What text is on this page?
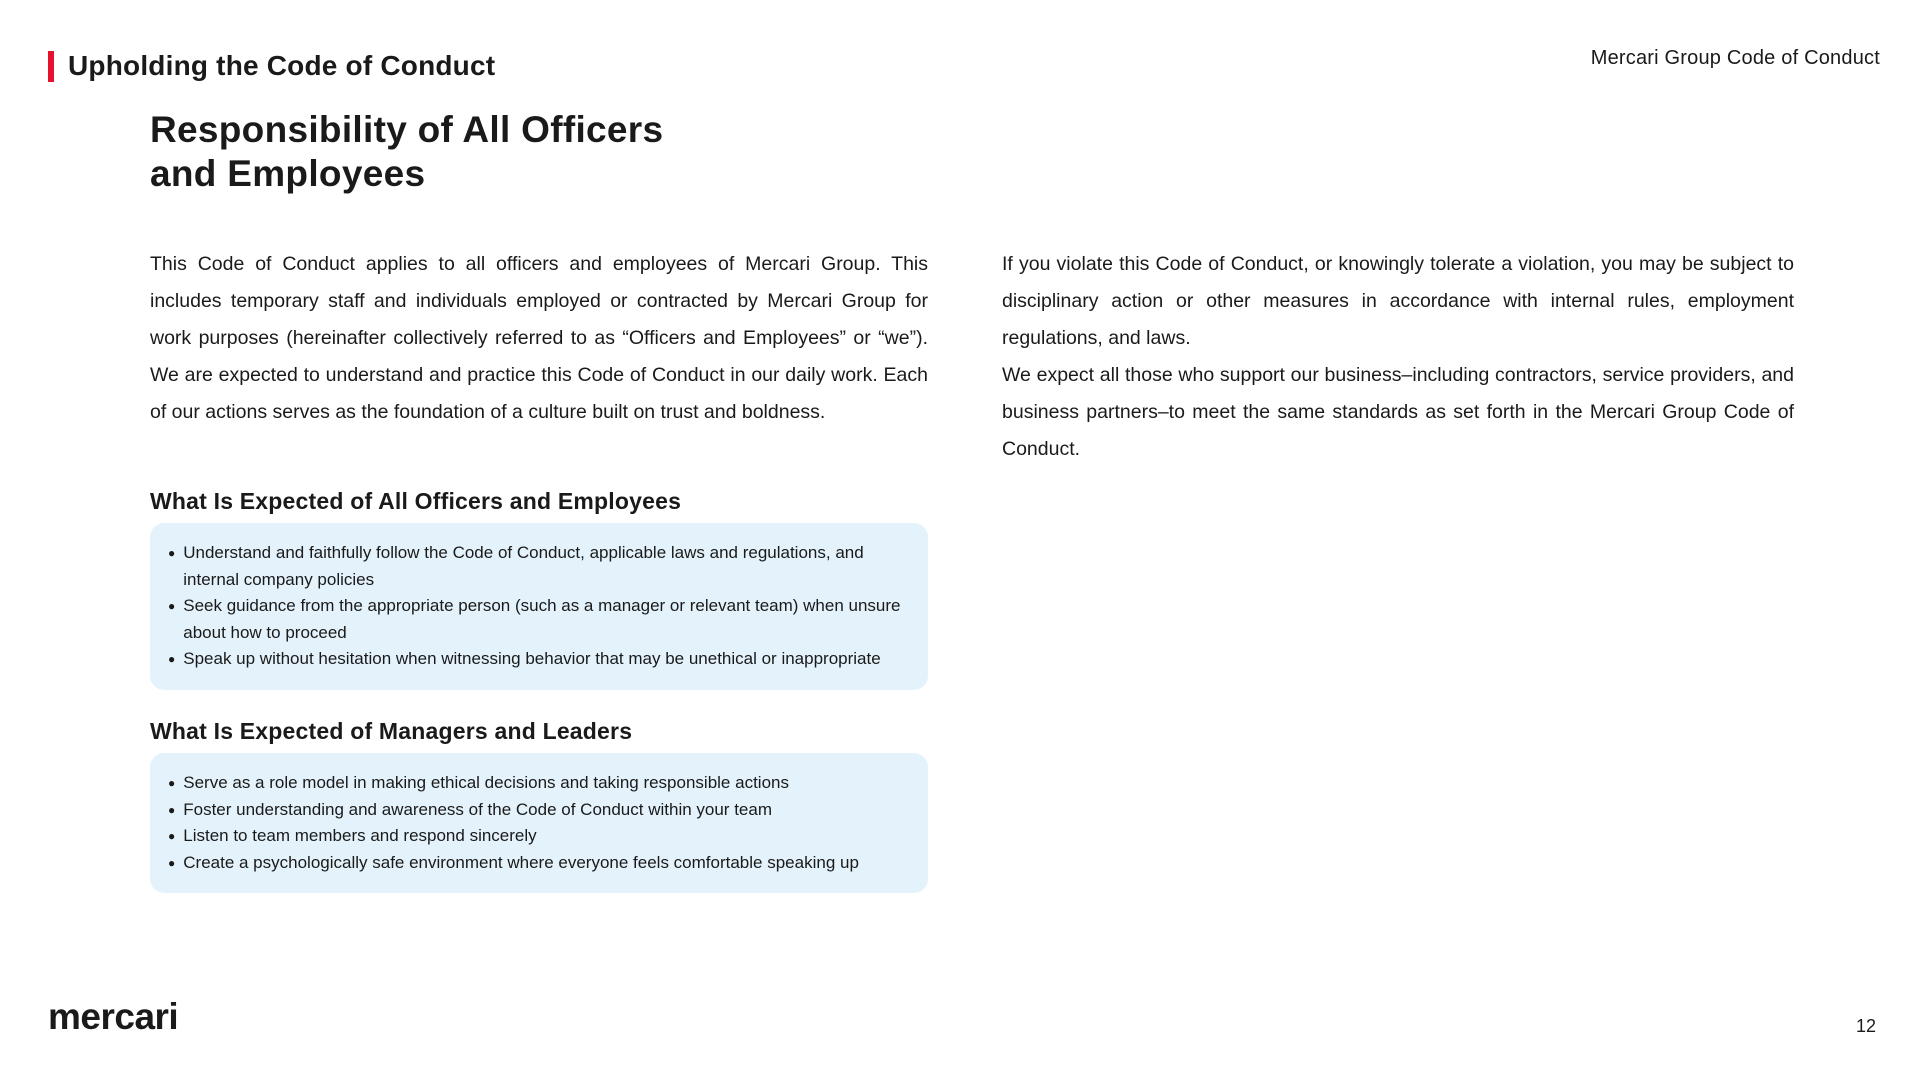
Upholding the Code of Conduct	Mercari Group Code of Conduct
Responsibility of All Officers
and Employees

This Code of Conduct applies to all officers and employees of Mercari Group. This includes temporary staff and individuals employed or contracted by Mercari Group for work purposes (hereinafter collectively referred to as “Officers and Employees” or “we”). We are expected to understand and practice this Code of Conduct in our daily work. Each of our actions serves as the foundation of a culture built on trust and boldness.

If you violate this Code of Conduct, or knowingly tolerate a violation, you may be subject to disciplinary action or other measures in accordance with internal rules, employment regulations, and laws.

We expect all those who support our business–including contractors, service providers, and business partners–to meet the same standards as set forth in the Mercari Group Code of Conduct.

What Is Expected of All Officers and Employees
● Understand and faithfully follow the Code of Conduct, applicable laws and regulations, and internal company policies
● Seek guidance from the appropriate person (such as a manager or relevant team) when unsure about how to proceed
● Speak up without hesitation when witnessing behavior that may be unethical or inappropriate
What Is Expected of Managers and Leaders
● Serve as a role model in making ethical decisions and taking responsible actions
● Foster understanding and awareness of the Code of Conduct within your team
● Listen to team members and respond sincerely
● Create a psychologically safe environment where everyone feels comfortable speaking up
mercari	12
